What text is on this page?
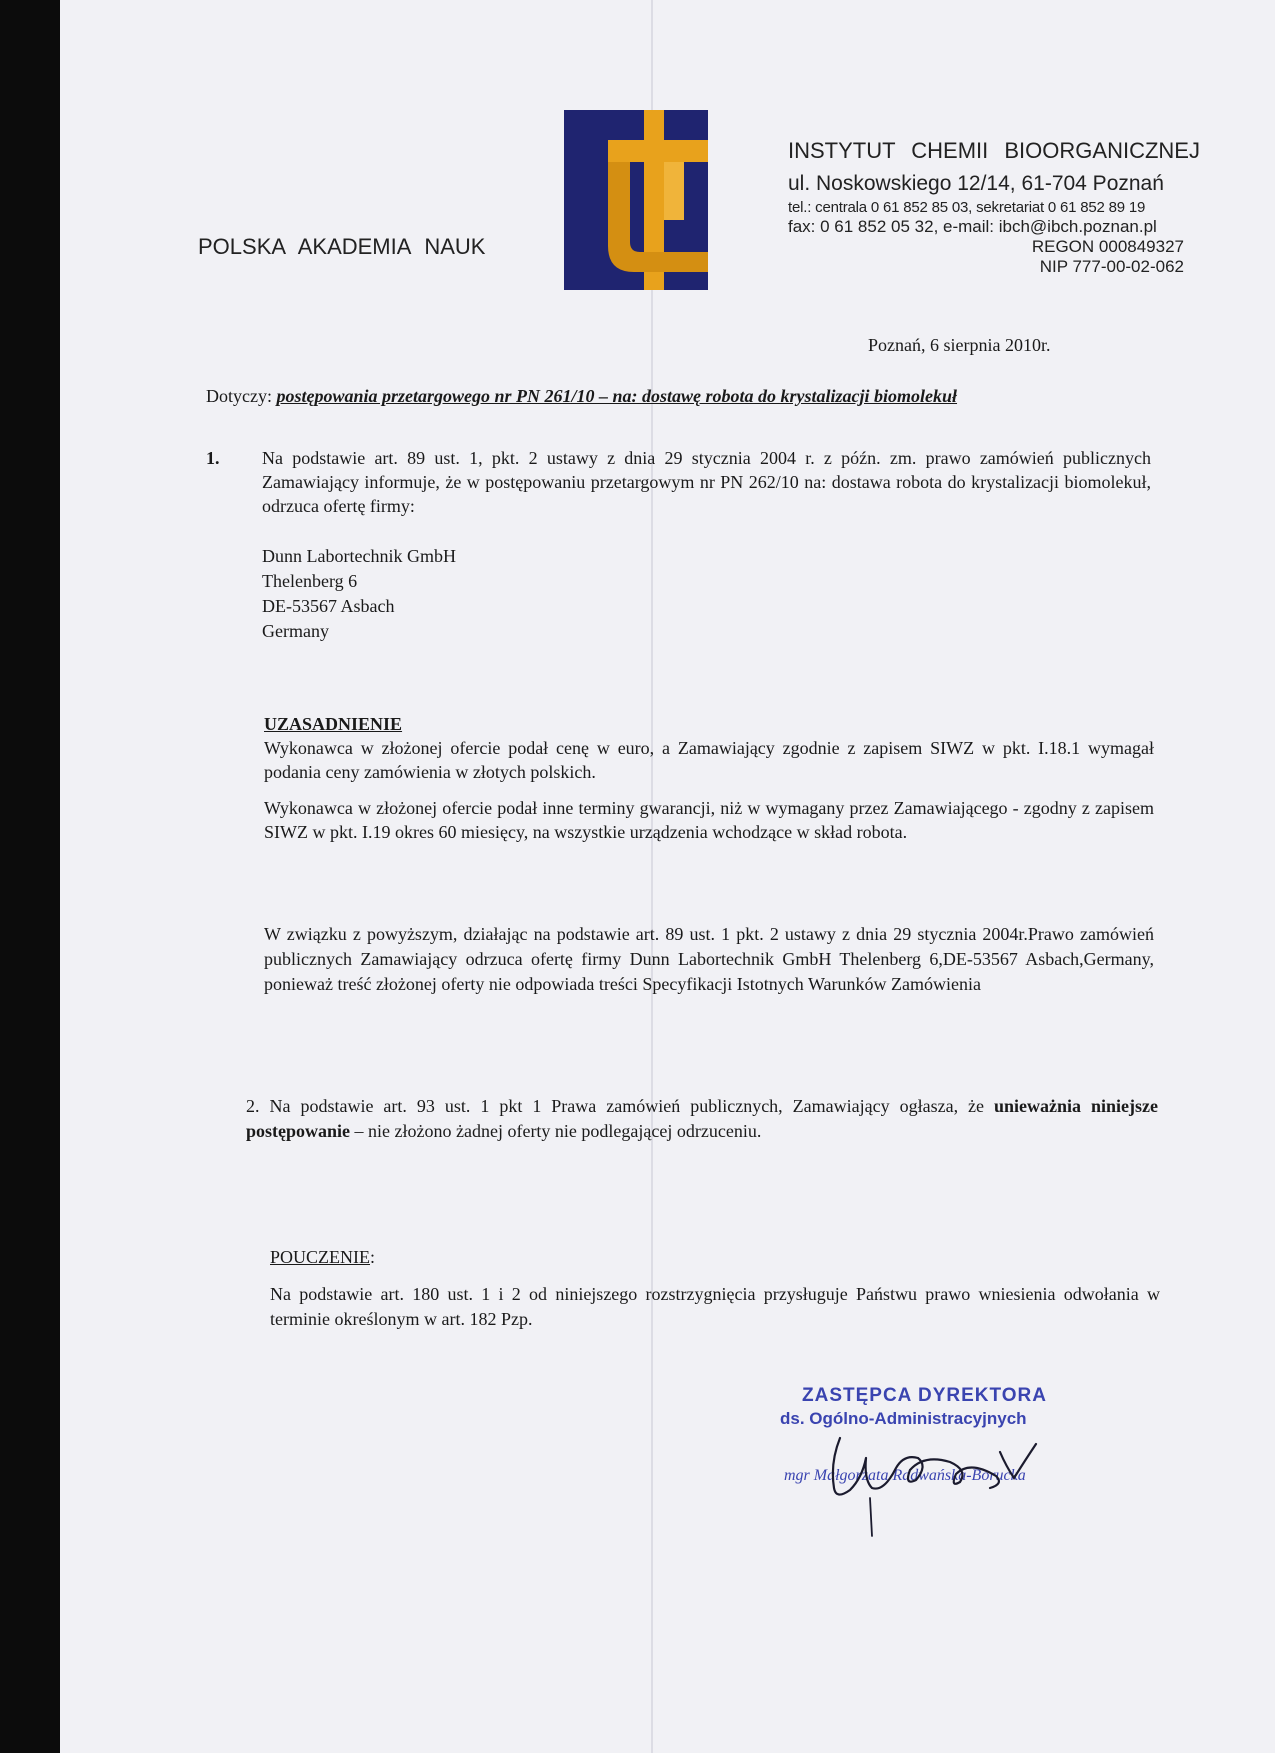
POLSKA AKADEMIA NAUK
INSTYTUT CHEMII BIOORGANICZNEJ
ul. Noskowskiego 12/14, 61-704 Poznań
tel.: centrala 0 61 852 85 03, sekretariat 0 61 852 89 19
fax: 0 61 852 05 32, e-mail: ibch@ibch.poznan.pl
REGON 000849327
NIP 777-00-02-062
Poznań, 6 sierpnia 2010r.
Dotyczy: postępowania przetargowego nr PN 261/10 – na: dostawę robota do krystalizacji biomolekuł
1. Na podstawie art. 89 ust. 1, pkt. 2 ustawy z dnia 29 stycznia 2004 r. z późn. zm. prawo zamówień publicznych Zamawiający informuje, że w postępowaniu przetargowym nr PN 262/10 na: dostawa robota do krystalizacji biomolekuł, odrzuca ofertę firmy:
Dunn Labortechnik GmbH
Thelenberg 6
DE-53567 Asbach
Germany
UZASADNIENIE
Wykonawca w złożonej ofercie podał cenę w euro, a Zamawiający zgodnie z zapisem SIWZ w pkt. I.18.1 wymagał podania ceny zamówienia w złotych polskich.
Wykonawca w złożonej ofercie podał inne terminy gwarancji, niż w wymagany przez Zamawiającego - zgodny z zapisem SIWZ w pkt. I.19 okres 60 miesięcy, na wszystkie urządzenia wchodzące w skład robota.
W związku z powyższym, działając na podstawie art. 89 ust. 1 pkt. 2 ustawy z dnia 29 stycznia 2004r.Prawo zamówień publicznych Zamawiający odrzuca ofertę firmy Dunn Labortechnik GmbH Thelenberg 6,DE-53567 Asbach,Germany, ponieważ treść złożonej oferty nie odpowiada treści Specyfikacji Istotnych Warunków Zamówienia
2. Na podstawie art. 93 ust. 1 pkt 1 Prawa zamówień publicznych, Zamawiający ogłasza, że unieważnia niniejsze postępowanie – nie złożono żadnej oferty nie podlegającej odrzuceniu.
POUCZENIE:
Na podstawie art. 180 ust. 1 i 2 od niniejszego rozstrzygnięcia przysługuje Państwu prawo wniesienia odwołania w terminie określonym w art. 182 Pzp.
ZASTĘPCA DYREKTORA
ds. Ogólno-Administracyjnych
mgr Małgorzata Radwańska-Borucka
